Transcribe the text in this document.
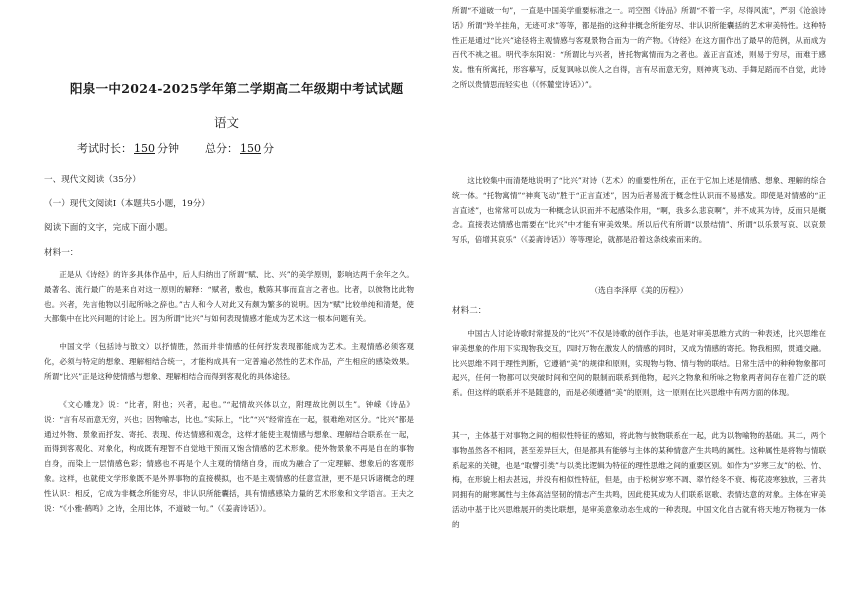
阳泉一中2024-2025学年第二学期高二年级期中考试试题
语文
考试时长： 150 分钟 总分： 150 分
一、现代文阅读（35分）
（一）现代文阅读Ⅰ（本题共5小题，19分）
阅读下面的文字，完成下面小题。
材料一：
正是从《诗经》的许多具体作品中，后人归纳出了所谓“赋、比、兴”的美学原则，影响达两千余年之久。最著名、流行最广的是来自对这一原则的解释：“赋者，敷也，敷陈其事而直言之者也。比者，以彼物比此物也。兴者，先言他物以引起所咏之辞也。”古人和今人对此又有颇为繁多的说明。因为“赋”比较单纯和清楚，使大都集中在比兴问题的讨论上。因为所谓“比兴”与如何表现情感才能成为艺术这一根本问题有关。
中国文学（包括诗与散文）以抒情胜，然而并非情感的任何抒发表现都能成为艺术。主观情感必须客观化，必须与特定的想象、理解相结合统一，才能构成具有一定普遍必然性的艺术作品，产生相应的感染效果。所谓“比兴”正是这种使情感与想象、理解相结合而得到客观化的具体途径。
《文心雕龙》说：“比者，附也；兴者，起也。”“起情故兴体以立，附理故比例以生”。钟嵘《诗品》说：“言有尽而意无穷，兴也；因物喻志，比也。”实际上，“比”“兴”经常连在一起，很难绝对区分。“比兴”都是通过外物、景象而抒发、寄托、表现、传达情感和观念，这样才能使主观情感与想象、理解结合联系在一起，而得到客观化、对象化，构成既有理智不自觉地干预而又饱含情感的艺术形象。使外物景象不再是自在的事物自身，而染上一层情感色彩；情感也不再是个人主观的情绪自身，而成为融合了一定理解、想象后的客观形象。这样，也就使文学形象既不是外界事物的直接模拟，也不是主观情感的任意宣泄，更不是只诉诸概念的理性认识：相反，它成为非概念所能穷尽，非认识所能囊括，具有情感感染力量的艺术形象和文学语言。王夫之说：“《小雅·鹤鸣》之诗，全用比体，不道破一句。”（《姜斋诗话》）。
所谓“不道破一句”，一直是中国美学重要标准之一。司空图《诗品》所谓“不着一字，尽得风流”，严羽《沧浪诗话》所谓“羚羊挂角，无迹可求”等等，都是指的这种非概念所能穷尽、非认识所能囊括的艺术审美特性。这种特性正是通过“比兴”途径将主观情感与客观景物合而为一的产物。《诗经》在这方面作出了最早的范例，从而成为百代不祧之祖。明代李东阳说：“所谓比与兴者，皆托物寓情而为之者也。盖正言直述，则易于穷尽，而难于感发。惟有所寓托，形容摹写，反复讽咏以俟人之自得，言有尽而意无穷，则神爽飞动、手舞足蹈而不自觉，此诗之所以贵情思而轻实也（《怀麓堂诗话》）”。
这比较集中而清楚地说明了“比兴”对诗（艺术）的重要性所在，正在于它加上述是情感、想象、理解的综合统一体。“托物寓情”“神爽飞动”胜于“正言直述”，因为后者易流于概念性认识而不易感发。即使是对情感的“正言直述”，也常常可以成为一种概念认识而并不起感染作用，“啊，我多么悲哀啊”，并不成其为诗，反而只是概念。直接表达情感也需要在“比兴”中才能有审美效果。所以后代有所谓“以景结情”、所谓“以乐景写哀、以哀景写乐，倍增其哀乐”（《姜斋诗话》）等等理论，就都是沿着这条线索而来的。
（选自李泽厚《美的历程》）
材料二：
中国古人讨论诗歌时常提及的“比兴”不仅是诗歌的创作手法，也是对审美思维方式的一种表述，比兴思维在审美想象的作用下实现物我交互，四时万物在激发人的情感的同时，又成为情感的寄托。物我相照，贯通交融。比兴思维不同于理性判断，它遵循“美”的规律和原则，实现物与物、情与物的联结。日常生活中的种种物象都可起兴，任何一物都可以突破时间和空间的限制而联系到他物，起兴之物象和所咏之物象两者间存在着广泛的联系。但这样的联系并不是随意的，而是必须遵循“美”的原则，这一原则在比兴思维中有两方面的体现。
其一，主体基于对事物之间的相似性特征的感知，将此物与彼物联系在一起，此为以物喻物的基础。其二，两个事物虽然各不相同，甚至差异巨大，但是都具有能够与主体的某种情意产生共鸣的属性。这种属性是将物与情联系起来的关键，也是“取譬引类”与以类比逻辑为特征的理性思维之间的重要区别。如作为“岁寒三友”的松、竹、梅，在形貌上相去甚远，并没有相似性特征，但是，由于松树岁寒不凋、翠竹经冬不衰、梅花凌寒独放，三者共同拥有的耐寒属性与主体高洁坚韧的情志产生共鸣，因此使其成为人们联系讴歌、表情达意的对象。主体在审美活动中基于比兴思维展开的类比联想，是审美意象动态生成的一种表现。中国文化自古就有将天地万物视为一体的
